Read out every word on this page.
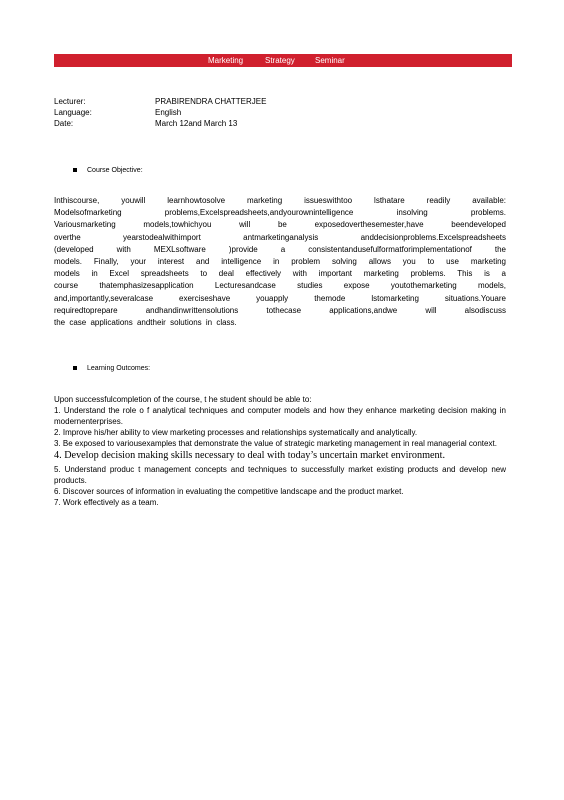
Marketing	Strategy	Seminar
Lecturer:	PRABIRENDRA CHATTERJEE
Language:	English
Date:	March 12and March 13
Course Objective:

Inthiscourse, youwill learnhowtosolve marketing issueswithtoo lsthatare readily available:

Modelsofmarketing problems,Excelspreadsheets,andyourownintelligence insolving problems.

Variousmarketing models,towhichyou will be exposedoverthesemester,have beendeveloped

overthe yearstodealwithimport antmarketinganalysis anddecisionproblems.Excelspreadsheets

(developed with MEXLsoftware )provide a consistentandusefulformatforimplementationof the

models. Finally, your interest and intelligence in problem solving allows you to use marketing

models in Excel spreadsheets to deal effectively with important marketing problems. This is a

course thatemphasizesapplication Lecturesandcase studies expose youtothemarketing models,

and,importantly,severalcase exerciseshave youapply themode lstomarketing situations.Youare

requiredtoprepare andhandinwrittensolutions tothecase applications,andwe will alsodiscuss

the case applications andtheir solutions in class.

Learning Outcomes:

Upon successfulcompletion of the course, t he student should be able to:

1. Understand the role o f analytical techniques and computer models and how they enhance marketing decision making in modernenterprises.

2. Improve his/her ability to view marketing processes and relationships systematically and analytically.

3. Be exposed to variousexamples that demonstrate the value of strategic marketing management in real managerial context.

4. Develop decision making skills necessary to deal with today’s uncertain market environment.

5. Understand produc t management concepts and techniques to successfully market existing products and develop new products.

6. Discover sources of information in evaluating the competitive landscape and the product market.

7. Work effectively as a team.
